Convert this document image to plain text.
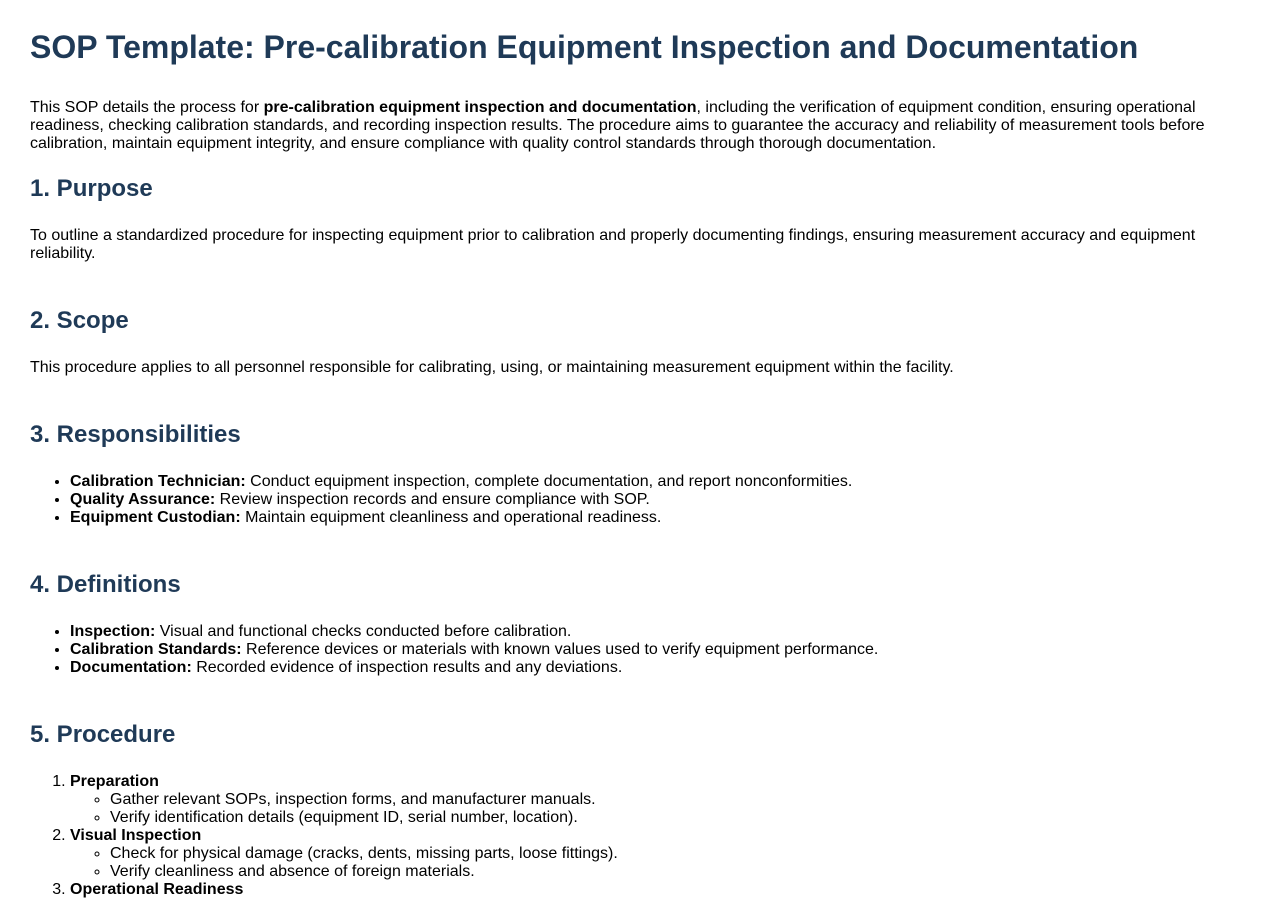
SOP Template: Pre-calibration Equipment Inspection and Documentation

This SOP details the process for pre-calibration equipment inspection and documentation, including the verification of equipment condition, ensuring operational readiness, checking calibration standards, and recording inspection results. The procedure aims to guarantee the accuracy and reliability of measurement tools before calibration, maintain equipment integrity, and ensure compliance with quality control standards through thorough documentation.

1. Purpose

To outline a standardized procedure for inspecting equipment prior to calibration and properly documenting findings, ensuring measurement accuracy and equipment reliability.

2. Scope

This procedure applies to all personnel responsible for calibrating, using, or maintaining measurement equipment within the facility.

3. Responsibilities
• Calibration Technician: Conduct equipment inspection, complete documentation, and report nonconformities.
• Quality Assurance: Review inspection records and ensure compliance with SOP.
• Equipment Custodian: Maintain equipment cleanliness and operational readiness.
4. Definitions
• Inspection: Visual and functional checks conducted before calibration.
• Calibration Standards: Reference devices or materials with known values used to verify equipment performance.
• Documentation: Recorded evidence of inspection results and any deviations.
5. Procedure
1. Preparation
◦ Gather relevant SOPs, inspection forms, and manufacturer manuals.
◦ Verify identification details (equipment ID, serial number, location).
2. Visual Inspection
◦ Check for physical damage (cracks, dents, missing parts, loose fittings).
◦ Verify cleanliness and absence of foreign materials.
3. Operational Readiness
